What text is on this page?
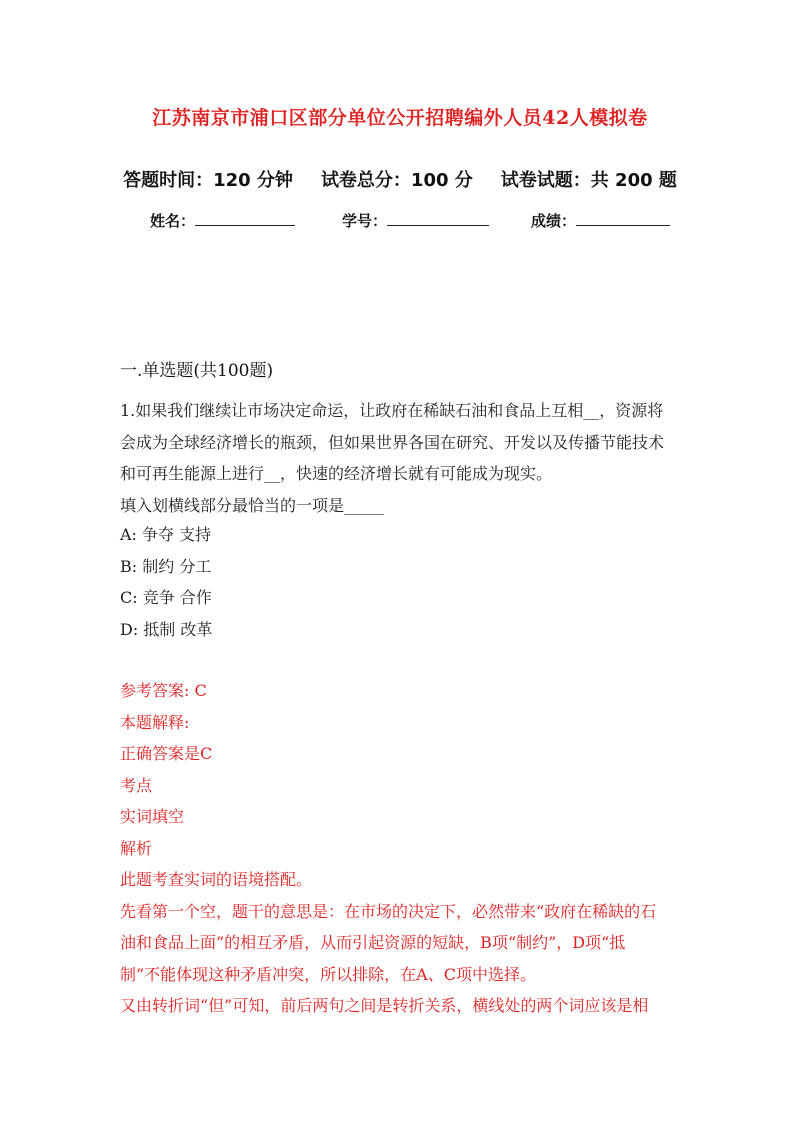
江苏南京市浦口区部分单位公开招聘编外人员42人模拟卷
答题时间：120 分钟 试卷总分：100 分 试卷试题：共 200 题
姓名：	学号：	成绩：
一.单选题(共100题)
1.如果我们继续让市场决定命运，让政府在稀缺石油和食品上互相__，资源将
会成为全球经济增长的瓶颈，但如果世界各国在研究、开发以及传播节能技术
和可再生能源上进行__，快速的经济增长就有可能成为现实。
填入划横线部分最恰当的一项是_____
A: 争夺 支持
B: 制约 分工
C: 竞争 合作
D: 抵制 改革
参考答案: C
本题解释:
正确答案是C
考点
实词填空
解析
此题考查实词的语境搭配。
先看第一个空，题干的意思是：在市场的决定下，必然带来“政府在稀缺的石
油和食品上面”的相互矛盾，从而引起资源的短缺，B项“制约”，D项“抵
制”不能体现这种矛盾冲突，所以排除，在A、C项中选择。
又由转折词“但”可知，前后两句之间是转折关系，横线处的两个词应该是相
